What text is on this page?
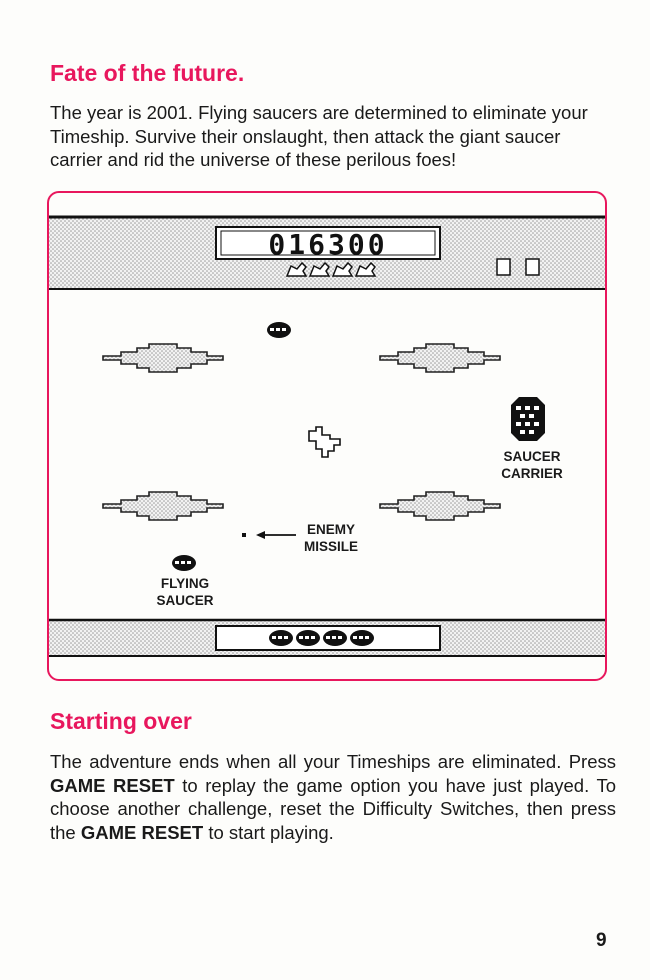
Fate of the future.

The year is 2001. Flying saucers are determined to eliminate your Timeship. Survive their onslaught, then attack the giant saucer carrier and rid the universe of these perilous foes!

016300
SAUCER
CARRIER
ENEMY
MISSILE
FLYING
SAUCER
Starting over

The adventure ends when all your Timeships are eliminated. Press GAME RESET to replay the game option you have just played. To choose another challenge, reset the Difficulty Switches, then press the GAME RESET to start playing.

9
